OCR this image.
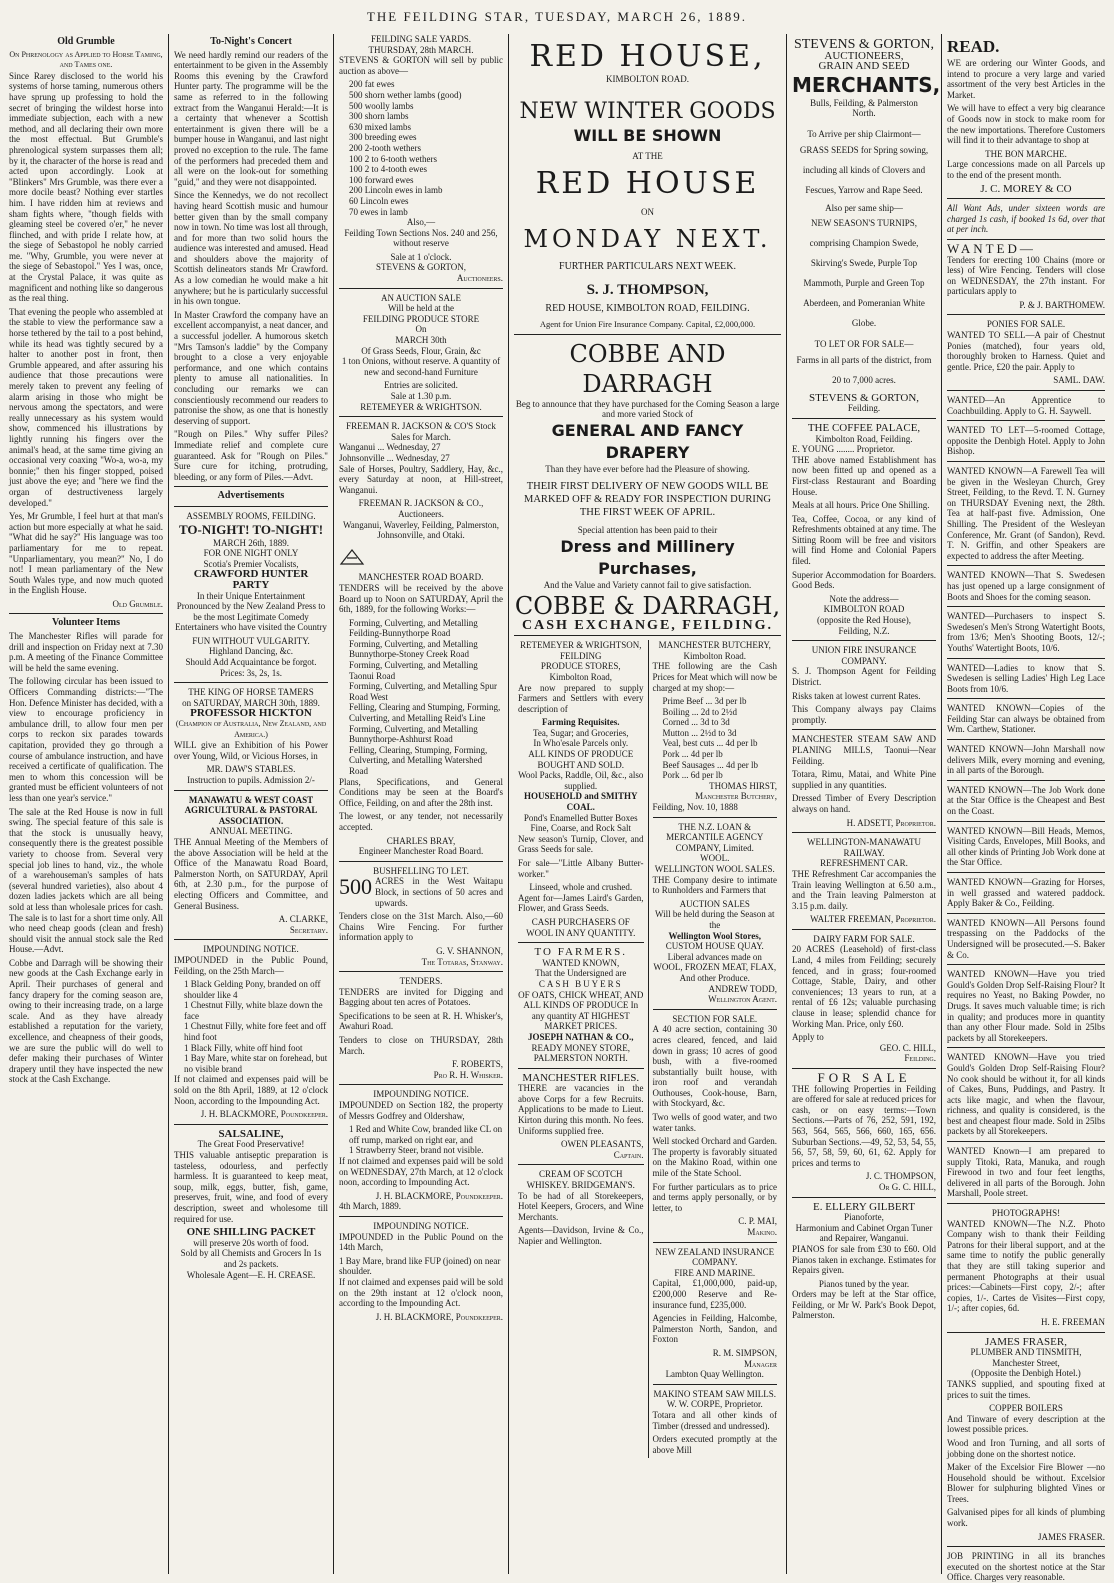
THE FEILDING STAR, TUESDAY, MARCH 26, 1889.
Old Grumble
On Phrenology as Applied to Horse Taming, and Tames one.

Since Rarey disclosed to the world his systems of horse taming, numerous others have sprung up professing to hold the secret of bringing the wildest horse into immediate subjection, each with a new method, and all declaring their own more the most effectual. But Grumble's phrenological system surpasses them all; by it, the character of the horse is read and acted upon accordingly. Look at "Blinkers" Mrs Grumble, was there ever a more docile beast? Nothing ever startles him. I have ridden him at reviews and sham fights where, "though fields with gleaming steel be covered o'er," he never flinched, and with pride I relate how, at the siege of Sebastopol he nobly carried me. "Why, Grumble, you were never at the siege of Sebastopol." Yes I was, once, at the Crystal Palace, it was quite as magnificent and nothing like so dangerous as the real thing.

That evening the people who assembled at the stable to view the performance saw a horse tethered by the tail to a post behind, while its head was tightly secured by a halter to another post in front, then Grumble appeared, and after assuring his audience that those precautions were merely taken to prevent any feeling of alarm arising in those who might be nervous among the spectators, and were really unnecessary as his system would show, commenced his illustrations by lightly running his fingers over the animal's head, at the same time giving an occasional very coaxing "Wo-a, wo-a, my bonnie;" then his finger stopped, poised just above the eye; and "here we find the organ of destructiveness largely developed."

Yes, Mr Grumble, I feel hurt at that man's action but more especially at what he said. "What did he say?" His language was too parliamentary for me to repeat. "Unparliamentary, you mean?" No, I do not! I mean parliamentary of the New South Wales type, and now much quoted in the English House.

Old Grumble.
Volunteer Items

The Manchester Rifles will parade for drill and inspection on Friday next at 7.30 p.m. A meeting of the Finance Committee will be held the same evening.

The following circular has been issued to Officers Commanding districts:—"The Hon. Defence Minister has decided, with a view to encourage proficiency in ambulance drill, to allow four men per corps to reckon six parades towards capitation, provided they go through a course of ambulance instruction, and have received a certificate of qualification. The men to whom this concession will be granted must be efficient volunteers of not less than one year's service."

The sale at the Red House is now in full swing. The special feature of this sale is that the stock is unusually heavy, consequently there is the greatest possible variety to choose from. Several very special job lines to hand, viz., the whole of a warehouseman's samples of hats (several hundred varieties), also about 4 dozen ladies jackets which are all being sold at less than wholesale prices for cash. The sale is to last for a short time only. All who need cheap goods (clean and fresh) should visit the annual stock sale the Red House.—Advt.

Cobbe and Darragh will be showing their new goods at the Cash Exchange early in April. Their purchases of general and fancy drapery for the coming season are, owing to their increasing trade, on a large scale. And as they have already established a reputation for the variety, excellence, and cheapness of their goods, we are sure the public will do well to defer making their purchases of Winter drapery until they have inspected the new stock at the Cash Exchange.

To-Night's Concert

We need hardly remind our readers of the entertainment to be given in the Assembly Rooms this evening by the Crawford Hunter party. The programme will be the same as referred to in the following extract from the Wanganui Herald:—It is a certainty that whenever a Scottish entertainment is given there will be a bumper house in Wanganui, and last night proved no exception to the rule. The fame of the performers had preceded them and all were on the look-out for something "guid," and they were not disappointed.

Since the Kennedys, we do not recollect having heard Scottish music and humour better given than by the small company now in town. No time was lost all through, and for more than two solid hours the audience was interested and amused. Head and shoulders above the majority of Scottish delineators stands Mr Crawford. As a low comedian he would make a hit anywhere; but he is particularly successful in his own tongue.

In Master Crawford the company have an excellent accompanyist, a neat dancer, and a successful jodeller. A humorous sketch "Mrs Tamson's laddie" by the Company brought to a close a very enjoyable performance, and one which contains plenty to amuse all nationalities. In concluding our remarks we can conscientiously recommend our readers to patronise the show, as one that is honestly deserving of support.

"Rough on Piles." Why suffer Piles? Immediate relief and complete cure guaranteed. Ask for "Rough on Piles." Sure cure for itching, protruding, bleeding, or any form of Piles.—Advt.

Advertisements
ASSEMBLY ROOMS, FEILDING.
TO-NIGHT! TO-NIGHT!
MARCH 26th, 1889.
FOR ONE NIGHT ONLY
Scotia's Premier Vocalists,
CRAWFORD HUNTER PARTY
In their Unique Entertainment

Pronounced by the New Zealand Press to be the most Legitimate Comedy Entertainers who have visited the Country

FUN WITHOUT VULGARITY.
Highland Dancing, &c.
Should Add Acquaintance be forgot. Prices: 3s, 2s, 1s.
THE KING OF HORSE TAMERS
on SATURDAY, MARCH 30th, 1889.
PROFESSOR HICKTON
(Champion of Australia, New Zealand, and America.)

WILL give an Exhibition of his Power over Young, Wild, or Vicious Horses, in

MR. DAW'S STABLES.
Instruction to pupils. Admission 2/-
MANAWATU & WEST COAST AGRICULTURAL & PASTORAL ASSOCIATION.
ANNUAL MEETING.

THE Annual Meeting of the Members of the above Association will be held at the Office of the Manawatu Road Board, Palmerston North, on SATURDAY, April 6th, at 2.30 p.m., for the purpose of electing Officers and Committee, and General Business.

A. CLARKE,
Secretary.
IMPOUNDING NOTICE.

IMPOUNDED in the Public Pound, Feilding, on the 25th March—

1 Black Gelding Pony, branded on off shoulder like 4
1 Chestnut Filly, white blaze down the face
1 Chestnut Filly, white fore feet and off hind foot
1 Black Filly, white off hind foot
1 Bay Mare, white star on forehead, but no visible brand

If not claimed and expenses paid will be sold on the 8th April, 1889, at 12 o'clock Noon, according to the Impounding Act.

J. H. BLACKMORE, Poundkeeper.
SALSALINE,
The Great Food Preservative!

THIS valuable antiseptic preparation is tasteless, odourless, and perfectly harmless. It is guaranteed to keep meat, soup, milk, eggs, butter, fish, game, preserves, fruit, wine, and food of every description, sweet and wholesome till required for use.

ONE SHILLING PACKET
will preserve 20s worth of food.
Sold by all Chemists and Grocers In 1s and 2s packets.
Wholesale Agent—E. H. CREASE.
FEILDING SALE YARDS.
THURSDAY, 28th MARCH.

STEVENS & GORTON will sell by public auction as above—

200 fat ewes
500 shorn wether lambs (good)
500 woolly lambs
300 shorn lambs
630 mixed lambs
300 breeding ewes
200 2-tooth wethers
100 2 to 6-tooth wethers
100 2 to 4-tooth ewes
100 forward ewes
200 Lincoln ewes in lamb
60 Lincoln ewes
70 ewes in lamb
Also,—

Feilding Town Sections Nos. 240 and 256, without reserve

Sale at 1 o'clock.
STEVENS & GORTON,
Auctioneers.
AN AUCTION SALE
Will be held at the
FEILDING PRODUCE STORE
On
MARCH 30th
Of Grass Seeds, Flour, Grain, &c

1 ton Onions, without reserve. A quantity of new and second-hand Furniture

Entries are solicited.
Sale at 1.30 p.m.
RETEMEYER & WRIGHTSON.
FREEMAN R. JACKSON & CO'S Stock Sales for March.
Wanganui ... Wednesday, 27
Johnsonville ... Wednesday, 27

Sale of Horses, Poultry, Saddlery, Hay, &c., every Saturday at noon, at Hill-street, Wanganui.

FREEMAN R. JACKSON & CO., Auctioneers.

Wanganui, Waverley, Feilding, Palmerston, Johnsonville, and Otaki.

MANCHESTER ROAD BOARD.

TENDERS will be received by the above Board up to Noon on SATURDAY, April the 6th, 1889, for the following Works:—

Forming, Culverting, and Metalling Feilding-Bunnythorpe Road
Forming, Culverting, and Metalling Bunnythorpe-Stoney Creek Road
Forming, Culverting, and Metalling Taonui Road
Forming, Culverting, and Metalling Spur Road West
Felling, Clearing and Stumping, Forming, Culverting, and Metalling Reid's Line
Forming, Culverting, and Metalling Bunnythorpe-Ashhurst Road
Felling, Clearing, Stumping, Forming, Culverting, and Metalling Watershed Road

Plans, Specifications, and General Conditions may be seen at the Board's Office, Feilding, on and after the 28th inst.

The lowest, or any tender, not necessarily accepted.

CHARLES BRAY,
Engineer Manchester Road Board.
BUSHFELLING TO LET.
500 ACRES in the West Waitapu Block, in sections of 50 acres and upwards.

Tenders close on the 31st March. Also,—60 Chains Wire Fencing. For further information apply to

G. V. SHANNON,
The Totaras, Stanway.
TENDERS.

TENDERS are invited for Digging and Bagging about ten acres of Potatoes.

Specifications to be seen at R. H. Whisker's, Awahuri Road.

Tenders to close on THURSDAY, 28th March.

F. ROBERTS,
Pro R. H. Whisker.
IMPOUNDING NOTICE.

IMPOUNDED on Section 182, the property of Messrs Godfrey and Oldershaw,

1 Red and White Cow, branded like CL on off rump, marked on right ear, and
1 Strawberry Steer, brand not visible.

If not claimed and expenses paid will be sold on WEDNESDAY, 27th March, at 12 o'clock noon, according to Impounding Act.

J. H. BLACKMORE, Poundkeeper.
4th March, 1889.
IMPOUNDING NOTICE.

IMPOUNDED in the Public Pound on the 14th March,

1 Bay Mare, brand like FUP (joined) on near shoulder.

If not claimed and expenses paid will be sold on the 29th instant at 12 o'clock noon, according to the Impounding Act.

J. H. BLACKMORE, Poundkeeper.
RED HOUSE,
KIMBOLTON ROAD.
NEW WINTER GOODS
WILL BE SHOWN
AT THE
RED HOUSE
ON
MONDAY NEXT.
FURTHER PARTICULARS NEXT WEEK.
S. J. THOMPSON,
RED HOUSE, KIMBOLTON ROAD, FEILDING.
Agent for Union Fire Insurance Company. Capital, £2,000,000.
COBBE AND DARRAGH
Beg to announce that they have purchased for the Coming Season a large and more varied Stock of
GENERAL AND FANCY DRAPERY
Than they have ever before had the Pleasure of showing.
THEIR FIRST DELIVERY OF NEW GOODS WILL BE MARKED OFF & READY FOR INSPECTION DURING THE FIRST WEEK OF APRIL.
Special attention has been paid to their
Dress and Millinery Purchases,
And the Value and Variety cannot fail to give satisfaction.
COBBE & DARRAGH,
CASH EXCHANGE, FEILDING.
RETEMEYER & WRIGHTSON,
FEILDING
PRODUCE STORES,
Kimbolton Road,

Are now prepared to supply Farmers and Settlers with every description of

Farming Requisites.
Tea, Sugar; and Groceries,
In Who'esale Parcels only.
ALL KINDS OF PRODUCE BOUGHT AND SOLD.
Wool Packs, Raddle, Oil, &c., also supplied.
HOUSEHOLD and SMITHY COAL.
Pond's Enamelled Butter Boxes
Fine, Coarse, and Rock Salt

New season's Turnip, Clover, and Grass Seeds for sale.

For sale—"Little Albany Butter-worker."

Linseed, whole and crushed.

Agent for—James Laird's Garden, Flower, and Grass Seeds.

CASH PURCHASERS OF WOOL IN ANY QUANTITY.
TO FARMERS.
WANTED KNOWN,
That the Undersigned are
CASH BUYERS
OF OATS, CHICK WHEAT, AND ALL KINDS OF PRODUCE In any quantity AT HIGHEST MARKET PRICES.
JOSEPH NATHAN & CO.,
READY MONEY STORE,
PALMERSTON NORTH.
MANCHESTER RIFLES.

THERE are vacancies in the above Corps for a few Recruits. Applications to be made to Lieut. Kirton during this month. No fees. Uniforms supplied free.

OWEN PLEASANTS,
Captain.
CREAM OF SCOTCH WHISKEY. BRIDGEMAN'S.

To be had of all Storekeepers, Hotel Keepers, Grocers, and Wine Merchants.

Agents—Davidson, Irvine & Co., Napier and Wellington.

MANCHESTER BUTCHERY,
Kimbolton Road.

THE following are the Cash Prices for Meat which will now be charged at my shop:—

Prime Beef ... 3d per lb
Boiling ... 2d to 2½d
Corned ... 3d to 3d
Mutton ... 2½d to 3d
Veal, best cuts ... 4d per lb
Pork ... 4d per lb
Beef Sausages ... 4d per lb
Pork ... 6d per lb
THOMAS HIRST,
Manchester Butchery,
Feilding, Nov. 10, 1888
THE N.Z. LOAN & MERCANTILE AGENCY COMPANY, Limited.
WOOL.
WELLINGTON WOOL SALES.

THE Company desire to intimate to Runholders and Farmers that

AUCTION SALES
Will be held during the Season at the
Wellington Wool Stores,
CUSTOM HOUSE QUAY.
Liberal advances made on
WOOL, FROZEN MEAT, FLAX,
And other Produce.
ANDREW TODD,
Wellington Agent.
SECTION FOR SALE.

A 40 acre section, containing 30 acres cleared, fenced, and laid down in grass; 10 acres of good bush, with a five-roomed substantially built house, with iron roof and verandah Outhouses, Cook-house, Barn, with Stockyard, &c.

Two wells of good water, and two water tanks.

Well stocked Orchard and Garden. The property is favorably situated on the Makino Road, within one mile of the State School.

For further particulars as to price and terms apply personally, or by letter, to

C. P. MAI,
Makino.
NEW ZEALAND INSURANCE COMPANY.
FIRE AND MARINE.

Capital, £1,000,000, paid-up, £200,000 Reserve and Re-insurance fund, £235,000.

Agencies in Feilding, Halcombe, Palmerston North, Sandon, and Foxton

R. M. SIMPSON,
Manager
Lambton Quay Wellington.
MAKINO STEAM SAW MILLS.
W. W. CORPE, Proprietor.

Totara and all other kinds of Timber (dressed and undressed).

Orders executed promptly at the above Mill

STEVENS & GORTON,
AUCTIONEERS,
GRAIN AND SEED
MERCHANTS,
Bulls, Feilding, & Palmerston
North.
To Arrive per ship Clairmont—

GRASS SEEDS for Spring sowing, including all kinds of Clovers and Fescues, Yarrow and Rape Seed.

Also per same ship—

NEW SEASON'S TURNIPS, comprising Champion Swede, Skirving's Swede, Purple Top Mammoth, Purple and Green Top Aberdeen, and Pomeranian White Globe.

TO LET OR FOR SALE—

Farms in all parts of the district, from 20 to 7,000 acres.

STEVENS & GORTON,
Feilding.
THE COFFEE PALACE,
Kimbolton Road, Feilding.
E. YOUNG ........ Proprietor.

THE above named Establishment has now been fitted up and opened as a First-class Restaurant and Boarding House.

Meals at all hours. Price One Shilling.

Tea, Coffee, Cocoa, or any kind of Refreshments obtained at any time. The Sitting Room will be free and visitors will find Home and Colonial Papers filed.

Superior Accommodation for Boarders. Good Beds.

Note the address—
KIMBOLTON ROAD
(opposite the Red House),
Feilding, N.Z.
UNION FIRE INSURANCE COMPANY.

S. J. Thompson Agent for Feilding District.

Risks taken at lowest current Rates.

This Company always pay Claims promptly.

MANCHESTER STEAM SAW AND PLANING MILLS, Taonui—Near Feilding.

Totara, Rimu, Matai, and White Pine supplied in any quantities.

Dressed Timber of Every Description always on hand.

H. ADSETT, Proprietor.
WELLINGTON-MANAWATU RAILWAY.
REFRESHMENT CAR.

THE Refreshment Car accompanies the Train leaving Wellington at 6.50 a.m., and the Train leaving Palmerston at 3.15 p.m. daily.

WALTER FREEMAN, Proprietor.
DAIRY FARM FOR SALE.

20 ACRES (Leasehold) of first-class Land, 4 miles from Feilding; securely fenced, and in grass; four-roomed Cottage, Stable, Dairy, and other conveniences; 13 years to run, at a rental of £6 12s; valuable purchasing clause in lease; splendid chance for Working Man. Price, only £60.

Apply to
GEO. C. HILL,
Feilding.
FOR SALE

THE following Properties in Feilding are offered for sale at reduced prices for cash, or on easy terms:—Town Sections.—Parts of 76, 252, 591, 192, 563, 564, 565, 566, 660, 165, 656. Suburban Sections.—49, 52, 53, 54, 55, 56, 57, 58, 59, 60, 61, 62. Apply for prices and terms to

J. C. THOMPSON,
Or G. C. HILL,
E. ELLERY GILBERT
Pianoforte,
Harmonium and Cabinet Organ Tuner and Repairer, Wanganui.

PIANOS for sale from £30 to £60. Old Pianos taken in exchange. Estimates for Repairs given.

Pianos tuned by the year.

Orders may be left at the Star office, Feilding, or Mr W. Park's Book Depot, Palmerston.

READ.

WE are ordering our Winter Goods, and intend to procure a very large and varied assortment of the very best Articles in the Market.

We will have to effect a very big clearance of Goods now in stock to make room for the new importations. Therefore Customers will find it to their advantage to shop at

THE BON MARCHE.

Large concessions made on all Parcels up to the end of the present month.

J. C. MOREY & CO

All Want Ads, under sixteen words are charged 1s cash, if booked 1s 6d, over that at per inch.

WANTED—

Tenders for erecting 100 Chains (more or less) of Wire Fencing. Tenders will close on WEDNESDAY, the 27th instant. For particulars apply to

P. & J. BARTHOMEW.
PONIES FOR SALE.

WANTED TO SELL—A pair of Chestnut Ponies (matched), four years old, thoroughly broken to Harness. Quiet and gentle. Price, £20 the pair. Apply to

SAML. DAW.

WANTED—An Apprentice to Coachbuilding. Apply to G. H. Saywell.

WANTED TO LET—5-roomed Cottage, opposite the Denbigh Hotel. Apply to John Bishop.

WANTED KNOWN—A Farewell Tea will be given in the Wesleyan Church, Grey Street, Feilding, to the Revd. T. N. Gurney on THURSDAY Evening next, the 28th. Tea at half-past five. Admission, One Shilling. The President of the Wesleyan Conference, Mr. Grant (of Sandon), Revd. T. N. Griffin, and other Speakers are expected to address the after Meeting.

WANTED KNOWN—That S. Swedesen has just opened up a large consignment of Boots and Shoes for the coming season.

WANTED—Purchasers to inspect S. Swedesen's Men's Strong Watertight Boots, from 13/6; Men's Shooting Boots, 12/-; Youths' Watertight Boots, 10/6.

WANTED—Ladies to know that S. Swedesen is selling Ladies' High Leg Lace Boots from 10/6.

WANTED KNOWN—Copies of the Feilding Star can always be obtained from Wm. Carthew, Stationer.

WANTED KNOWN—John Marshall now delivers Milk, every morning and evening, in all parts of the Borough.

WANTED KNOWN—The Job Work done at the Star Office is the Cheapest and Best on the Coast.

WANTED KNOWN—Bill Heads, Memos, Visiting Cards, Envelopes, Mill Books, and all other kinds of Printing Job Work done at the Star Office.

WANTED KNOWN—Grazing for Horses, in well grassed and watered paddock. Apply Baker & Co., Feilding.

WANTED KNOWN—All Persons found trespassing on the Paddocks of the Undersigned will be prosecuted.—S. Baker & Co.

WANTED KNOWN—Have you tried Gould's Golden Drop Self-Raising Flour? It requires no Yeast, no Baking Powder, no Drugs. It saves much valuable time; is rich in quality; and produces more in quantity than any other Flour made. Sold in 25lbs packets by all Storekeepers.

WANTED KNOWN—Have you tried Gould's Golden Drop Self-Raising Flour? No cook should be without it, for all kinds of Cakes, Buns, Puddings, and Pastry. It acts like magic, and when the flavour, richness, and quality is considered, is the best and cheapest flour made. Sold in 25lbs packets by all Storekeepers.

WANTED Known—I am prepared to supply Titoki, Rata, Manuka, and rough Firewood in two and four feet lengths, delivered in all parts of the Borough. John Marshall, Poole street.

PHOTOGRAPHS!

WANTED KNOWN—The N.Z. Photo Company wish to thank their Feilding Patrons for their liberal support, and at the same time to notify the public generally that they are still taking superior and permanent Photographs at their usual prices:—Cabinets—First copy, 2/-; after copies, 1/-. Cartes de Visites—First copy, 1/-; after copies, 6d.

H. E. FREEMAN
JAMES FRASER,
PLUMBER AND TINSMITH,
Manchester Street,
(Opposite the Denbigh Hotel.)

TANKS supplied, and spouting fixed at prices to suit the times.

COPPER BOILERS

And Tinware of every description at the lowest possible prices.

Wood and Iron Turning, and all sorts of jobbing done on the shortest notice.

Maker of the Excelsior Fire Blower —no Household should be without. Excelsior Blower for sulphuring blighted Vines or Trees.

Galvanised pipes for all kinds of plumbing work.

JAMES FRASER.

JOB PRINTING in all its branches executed on the shortest notice at the Star Office. Charges very reasonable.
